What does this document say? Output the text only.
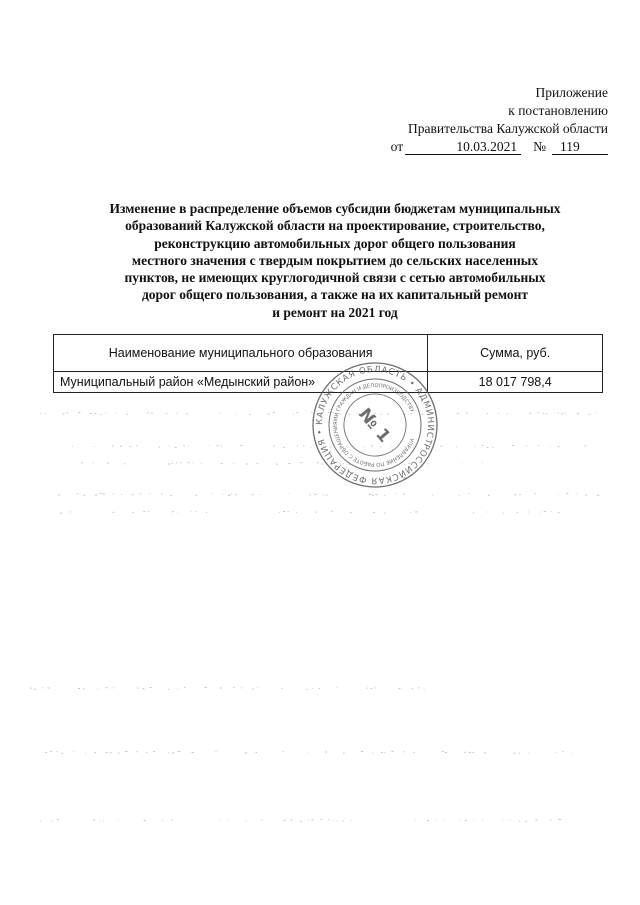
Приложение
к постановлению
Правительства Калужской области
от	10.03.2021 №	119
Изменение в распределение объемов субсидии бюджетам муниципальных
образований Калужской области на проектирование, строительство,
реконструкцию автомобильных дорог общего пользования
местного значения с твердым покрытием до сельских населенных
пунктов, не имеющих круглогодичной связи с сетью автомобильных
дорог общего пользования, а также на их капитальный ремонт
и ремонт на 2021 год
Наименование муниципального образования	Сумма, руб.
Муниципальный район «Медынский район»	18 017 798,4
РОССИЙСКАЯ ФЕДЕРАЦИЯ • КАЛУЖСКАЯ ОБЛАСТЬ • АДМИНИСТРАЦИЯ
УПРАВЛЕНИЕ ПО РАБОТЕ С ОБРАЩЕНИЯМИ ГРАЖДАН И ДЕЛОПРОИЗВОДСТВУ
№ 1
